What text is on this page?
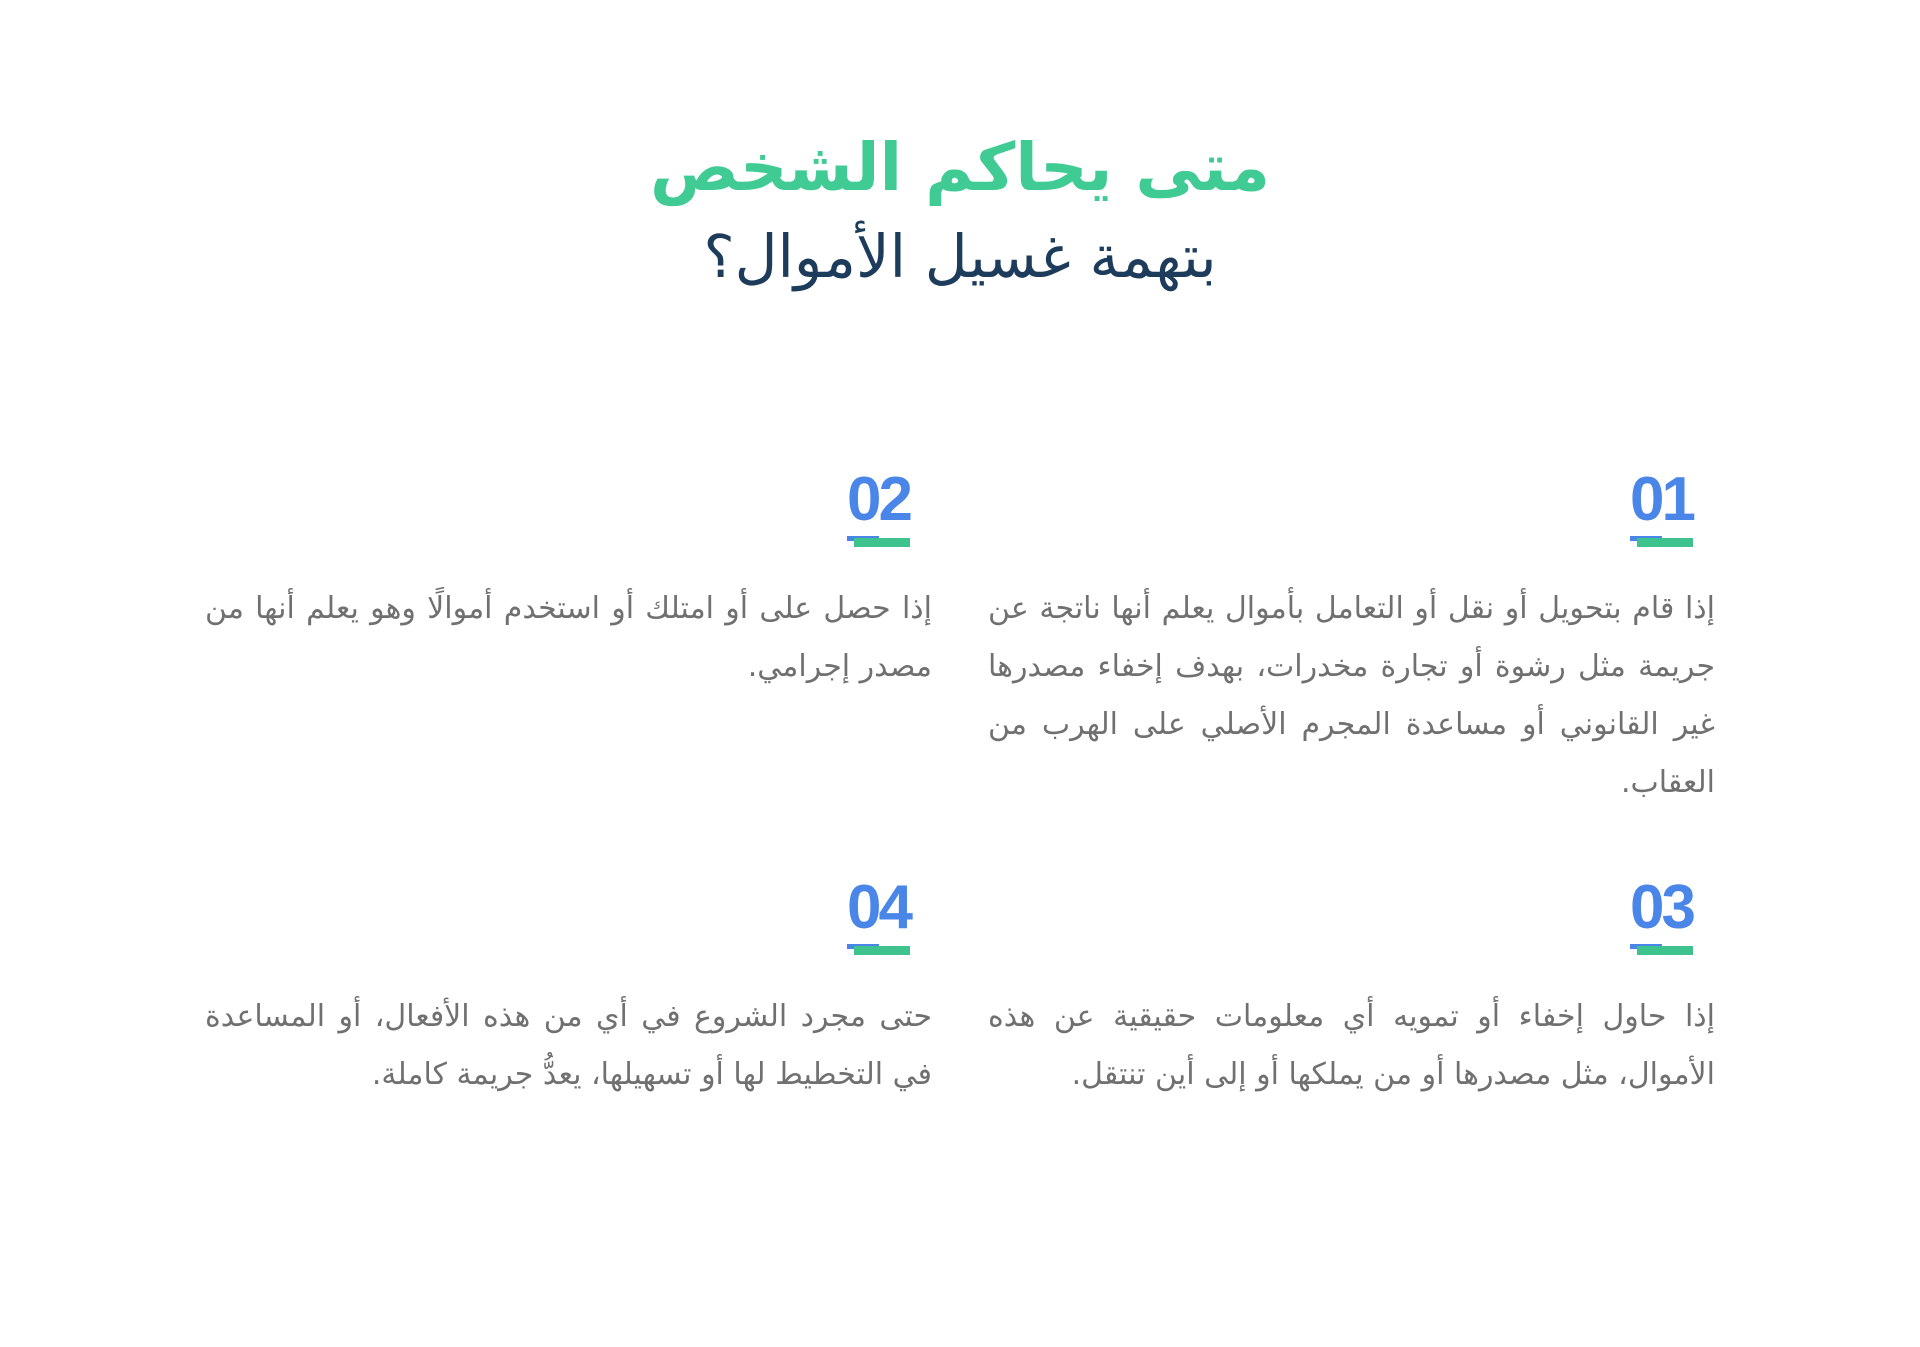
متى يحاكم الشخص
بتهمة غسيل الأموال؟
01

إذا قام بتحويل أو نقل أو التعامل بأموال يعلم أنها ناتجة عن جريمة مثل رشوة أو تجارة مخدرات، بهدف إخفاء مصدرها غير القانوني أو مساعدة المجرم الأصلي على الهرب من العقاب.

02

إذا حصل على أو امتلك أو استخدم أموالًا وهو يعلم أنها من مصدر إجرامي.

03

إذا حاول إخفاء أو تمويه أي معلومات حقيقية عن هذه الأموال، مثل مصدرها أو من يملكها أو إلى أين تنتقل.

04

حتى مجرد الشروع في أي من هذه الأفعال، أو المساعدة في التخطيط لها أو تسهيلها، يعدُّ جريمة كاملة.
